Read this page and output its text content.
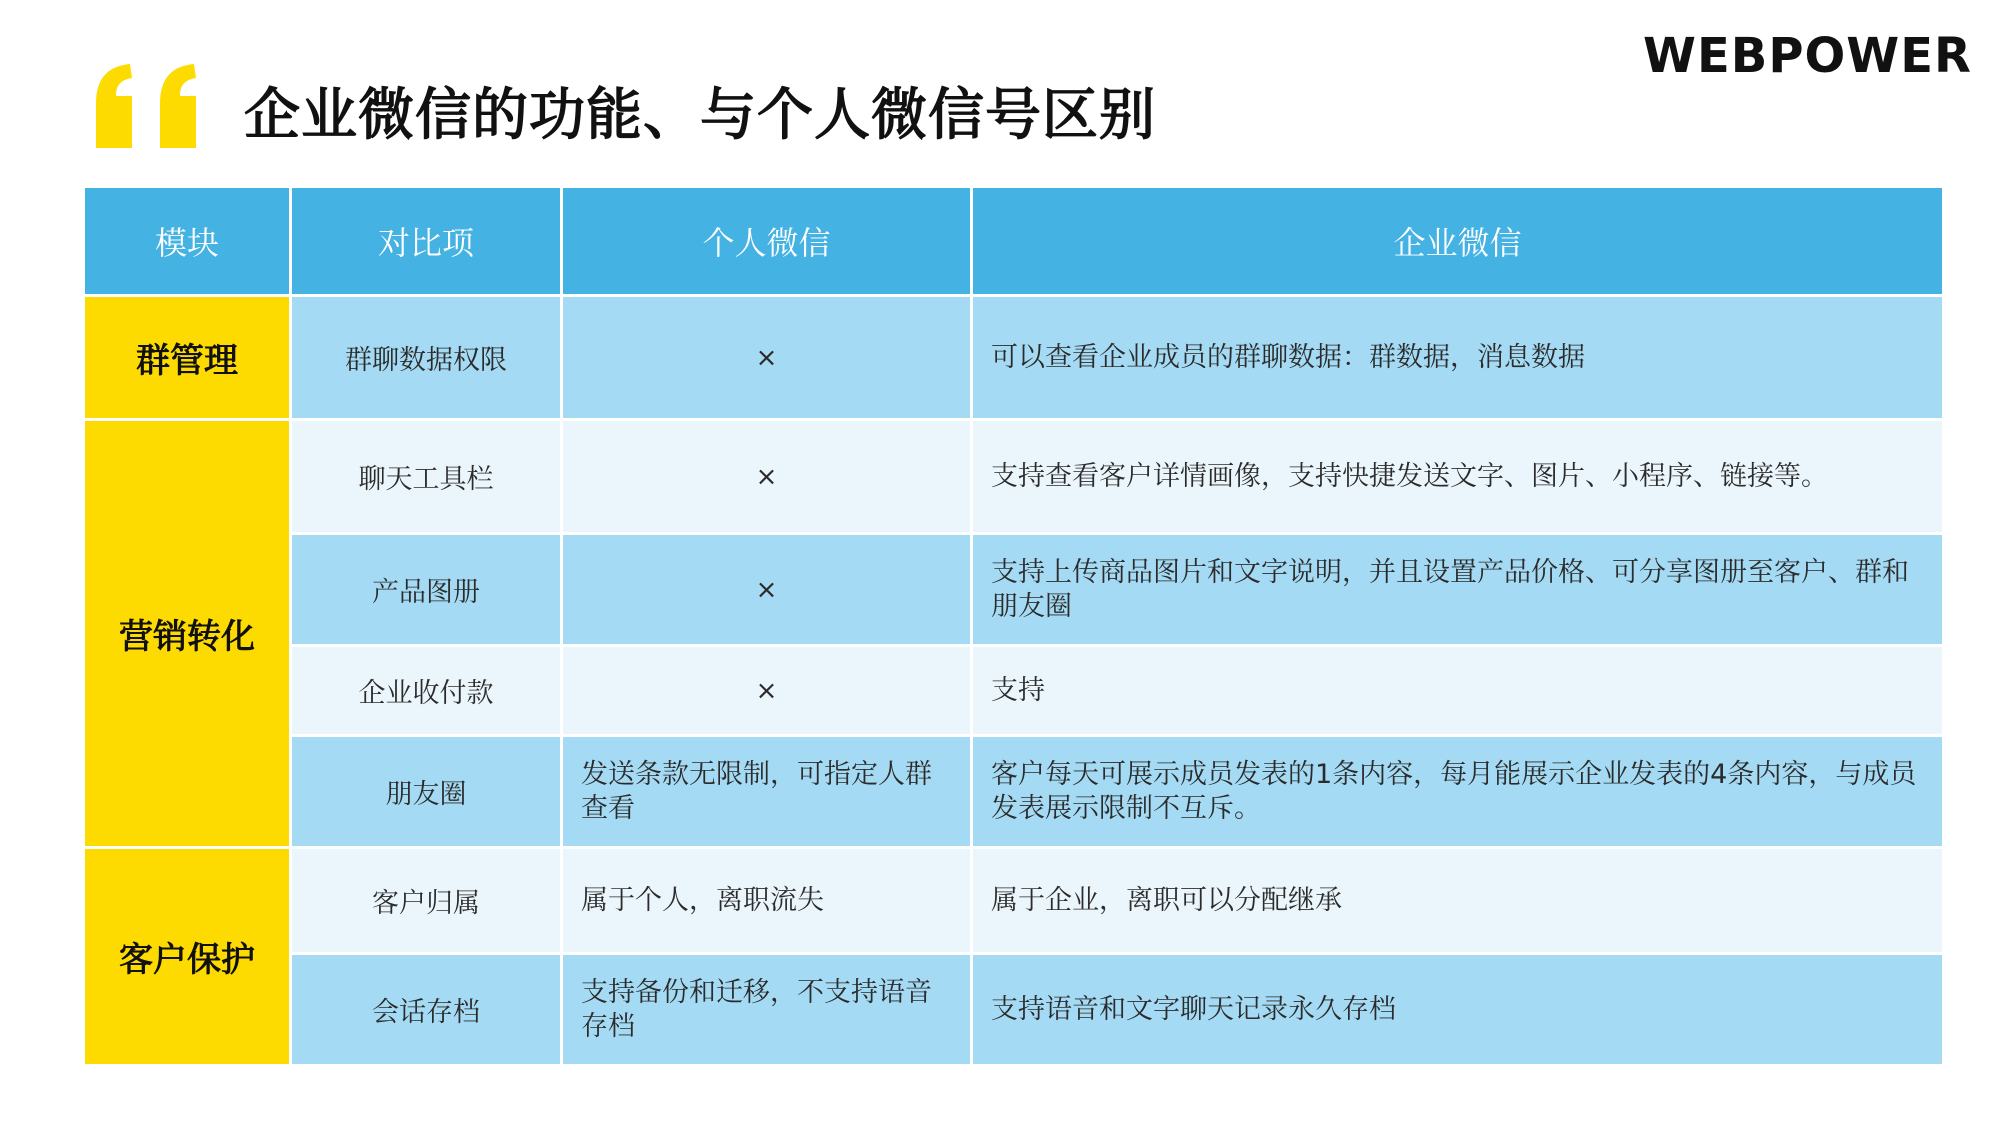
企业微信的功能、与个人微信号区别
WEBPOWER
模块	对比项	个人微信	企业微信
群管理	群聊数据权限	×	可以查看企业成员的群聊数据：群数据，消息数据
营销转化	聊天工具栏	×	支持查看客户详情画像，支持快捷发送文字、图片、小程序、链接等。
	产品图册	×	支持上传商品图片和文字说明，并且设置产品价格、可分享图册至客户、群和朋友圈
	企业收付款	×	支持
	朋友圈	发送条款无限制，可指定人群查看	客户每天可展示成员发表的1条内容，每月能展示企业发表的4条内容，与成员发表展示限制不互斥。
客户保护	客户归属	属于个人，离职流失	属于企业，离职可以分配继承
	会话存档	支持备份和迁移，不支持语音存档	支持语音和文字聊天记录永久存档
